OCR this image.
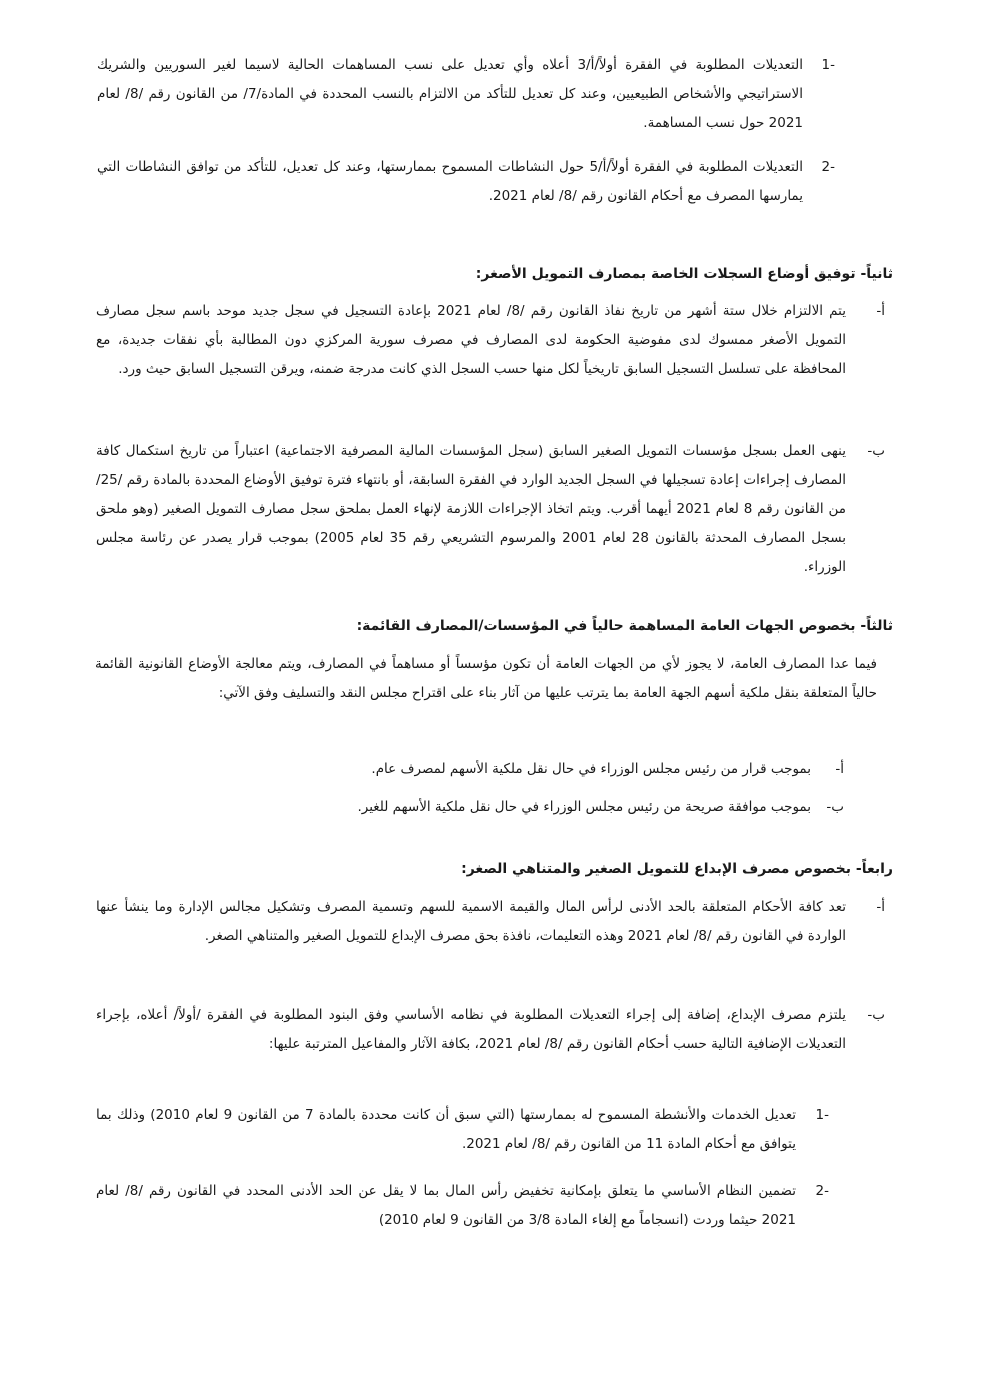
-1
التعديلات المطلوبة في الفقرة أولاً/أ/3 أعلاه وأي تعديل على نسب المساهمات الحالية لاسيما لغير السوريين والشريك الاستراتيجي والأشخاص الطبيعيين، وعند كل تعديل للتأكد من الالتزام بالنسب المحددة في المادة/7/ من القانون رقم /8/ لعام 2021 حول نسب المساهمة.
-2
التعديلات المطلوبة في الفقرة أولاً/أ/5 حول النشاطات المسموح بممارستها، وعند كل تعديل، للتأكد من توافق النشاطات التي يمارسها المصرف مع أحكام القانون رقم /8/ لعام 2021.
ثانياً- توفيق أوضاع السجلات الخاصة بمصارف التمويل الأصغر:
أ-
يتم الالتزام خلال ستة أشهر من تاريخ نفاذ القانون رقم /8/ لعام 2021 بإعادة التسجيل في سجل جديد موحد باسم سجل مصارف التمويل الأصغر ممسوك لدى مفوضية الحكومة لدى المصارف في مصرف سورية المركزي دون المطالبة بأي نفقات جديدة، مع المحافظة على تسلسل التسجيل السابق تاريخياً لكل منها حسب السجل الذي كانت مدرجة ضمنه، ويرقن التسجيل السابق حيث ورد.
ب-
ينهى العمل بسجل مؤسسات التمويل الصغير السابق (سجل المؤسسات المالية المصرفية الاجتماعية) اعتباراً من تاريخ استكمال كافة المصارف إجراءات إعادة تسجيلها في السجل الجديد الوارد في الفقرة السابقة، أو بانتهاء فترة توفيق الأوضاع المحددة بالمادة رقم /25/ من القانون رقم 8 لعام 2021 أيهما أقرب. ويتم اتخاذ الإجراءات اللازمة لإنهاء العمل بملحق سجل مصارف التمويل الصغير (وهو ملحق بسجل المصارف المحدثة بالقانون 28 لعام 2001 والمرسوم التشريعي رقم 35 لعام 2005) بموجب قرار يصدر عن رئاسة مجلس الوزراء.
ثالثاً- بخصوص الجهات العامة المساهمة حالياً في المؤسسات/المصارف القائمة:
فيما عدا المصارف العامة، لا يجوز لأي من الجهات العامة أن تكون مؤسساً أو مساهماً في المصارف، ويتم معالجة الأوضاع القانونية القائمة حالياً المتعلقة بنقل ملكية أسهم الجهة العامة بما يترتب عليها من آثار بناء على اقتراح مجلس النقد والتسليف وفق الآتي:
أ-
بموجب قرار من رئيس مجلس الوزراء في حال نقل ملكية الأسهم لمصرف عام.
ب-
بموجب موافقة صريحة من رئيس مجلس الوزراء في حال نقل ملكية الأسهم للغير.
رابعاً- بخصوص مصرف الإبداع للتمويل الصغير والمتناهي الصغر:
أ-
تعد كافة الأحكام المتعلقة بالحد الأدنى لرأس المال والقيمة الاسمية للسهم وتسمية المصرف وتشكيل مجالس الإدارة وما ينشأ عنها الواردة في القانون رقم /8/ لعام 2021 وهذه التعليمات، نافذة بحق مصرف الإبداع للتمويل الصغير والمتناهي الصغر.
ب-
يلتزم مصرف الإبداع، إضافة إلى إجراء التعديلات المطلوبة في نظامه الأساسي وفق البنود المطلوبة في الفقرة /أولاً/ أعلاه، بإجراء التعديلات الإضافية التالية حسب أحكام القانون رقم /8/ لعام 2021، بكافة الآثار والمفاعيل المترتبة عليها:
-1
تعديل الخدمات والأنشطة المسموح له بممارستها (التي سبق أن كانت محددة بالمادة 7 من القانون 9 لعام 2010) وذلك بما يتوافق مع أحكام المادة 11 من القانون رقم /8/ لعام 2021.
-2
تضمين النظام الأساسي ما يتعلق بإمكانية تخفيض رأس المال بما لا يقل عن الحد الأدنى المحدد في القانون رقم /8/ لعام 2021 حيثما وردت (انسجاماً مع إلغاء المادة 3/8 من القانون 9 لعام 2010)
